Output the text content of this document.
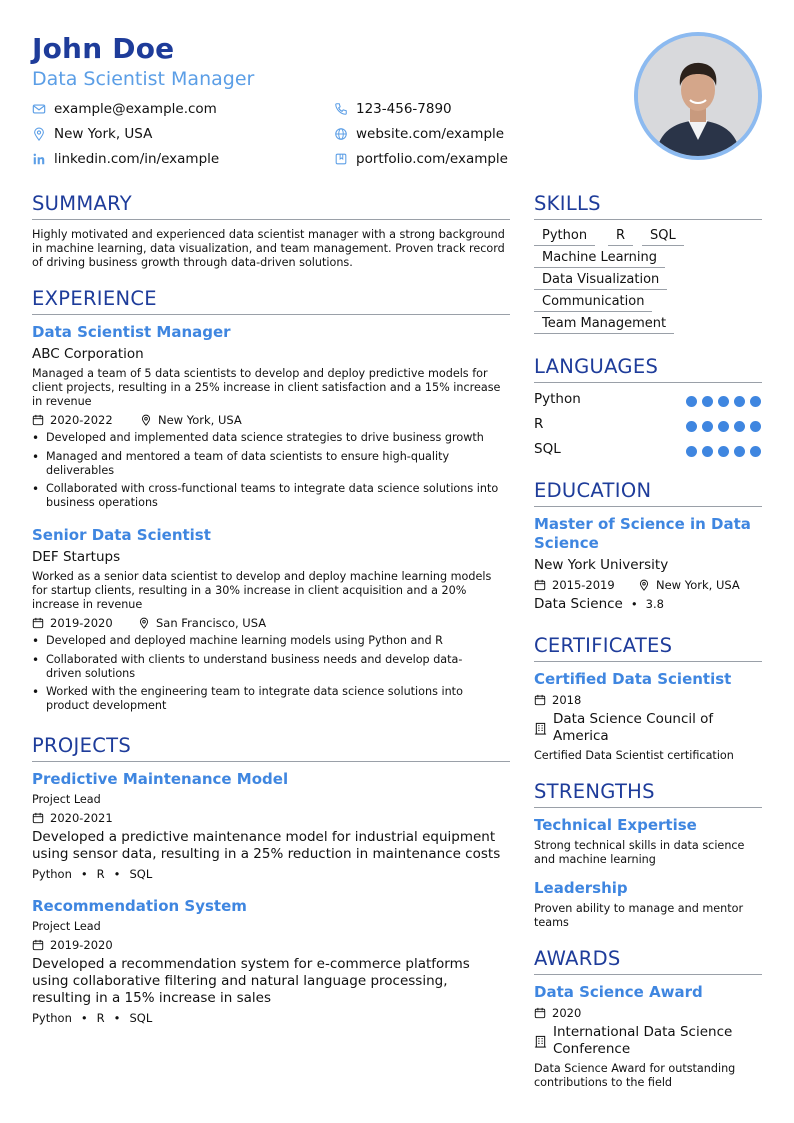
John Doe
Data Scientist Manager
example@example.com	123-456-7890
New York, USA	website.com/example
linkedin.com/in/example	portfolio.com/example
SUMMARY
Highly motivated and experienced data scientist manager with a strong background in machine learning, data visualization, and team management. Proven track record of driving business growth through data-driven solutions.
EXPERIENCE
Data Scientist Manager
ABC Corporation
Managed a team of 5 data scientists to develop and deploy predictive models for client projects, resulting in a 25% increase in client satisfaction and a 15% increase in revenue
2020-2022	New York, USA
• Developed and implemented data science strategies to drive business growth
• Managed and mentored a team of data scientists to ensure high-quality deliverables
• Collaborated with cross-functional teams to integrate data science solutions into business operations
Senior Data Scientist
DEF Startups
Worked as a senior data scientist to develop and deploy machine learning models for startup clients, resulting in a 30% increase in client acquisition and a 20% increase in revenue
2019-2020	San Francisco, USA
• Developed and deployed machine learning models using Python and R
• Collaborated with clients to understand business needs and develop data-driven solutions
• Worked with the engineering team to integrate data science solutions into product development
PROJECTS
Predictive Maintenance Model
Project Lead
2020-2021
Developed a predictive maintenance model for industrial equipment using sensor data, resulting in a 25% reduction in maintenance costs
Python • R • SQL
Recommendation System
Project Lead
2019-2020
Developed a recommendation system for e-commerce platforms using collaborative filtering and natural language processing, resulting in a 15% increase in sales
Python • R • SQL
SKILLS
Python	R	SQL
Machine Learning
Data Visualization
Communication
Team Management
LANGUAGES
Python
R
SQL
EDUCATION
Master of Science in Data Science
New York University
2015-2019	New York, USA
Data Science • 3.8
CERTIFICATES
Certified Data Scientist
2018
Data Science Council of America
Certified Data Scientist certification
STRENGTHS
Technical Expertise
Strong technical skills in data science and machine learning
Leadership
Proven ability to manage and mentor teams
AWARDS
Data Science Award
2020
International Data Science Conference
Data Science Award for outstanding contributions to the field
